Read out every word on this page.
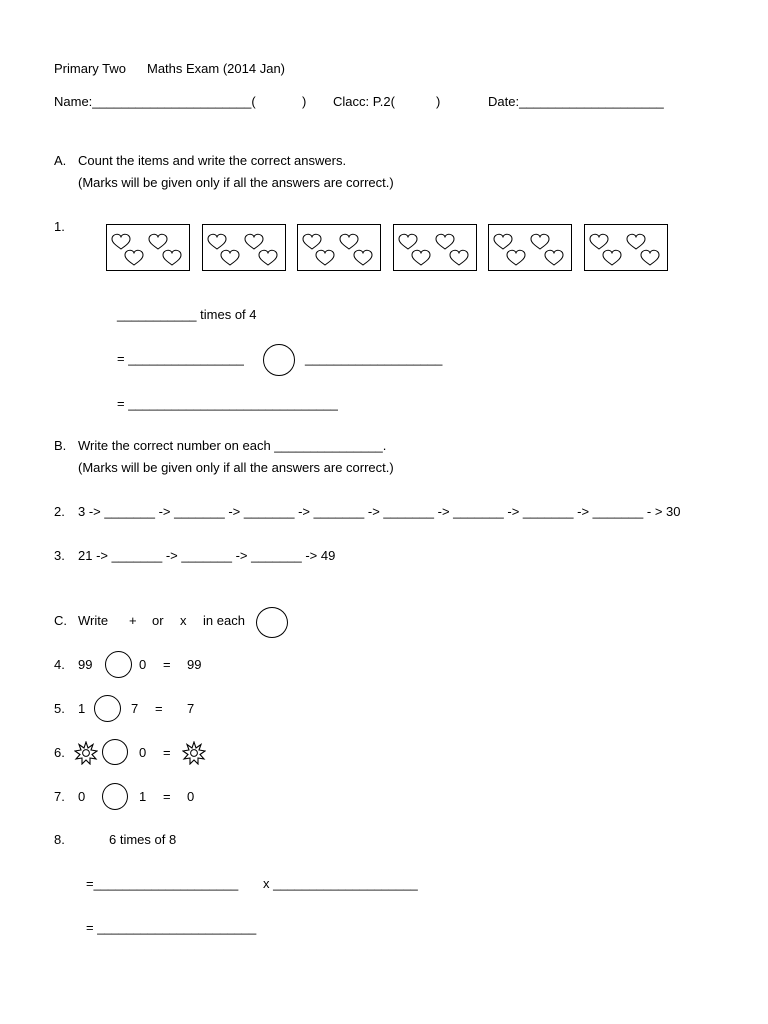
Primary Two Maths Exam (2014 Jan)
Name:______________________(	) Clacc: P.2(	)	Date:____________________
A. Count the items and write the correct answers.
(Marks will be given only if all the answers are correct.)
1.
___________ times of 4
= ________________	___________________
= _____________________________
B. Write the correct number on each _______________.
(Marks will be given only if all the answers are correct.)
2. 3 -> _______ -> _______ -> _______ -> _______ -> _______ -> _______ -> _______ -> _______ - > 30
3. 21 -> _______ -> _______ -> _______ -> 49
C. Write + or x in each
4. 99	0 = 99
5. 1	7 = 7
6.	0 =
7. 0	1 = 0
8.	6 times of 8
=____________________ x ____________________
= ______________________
